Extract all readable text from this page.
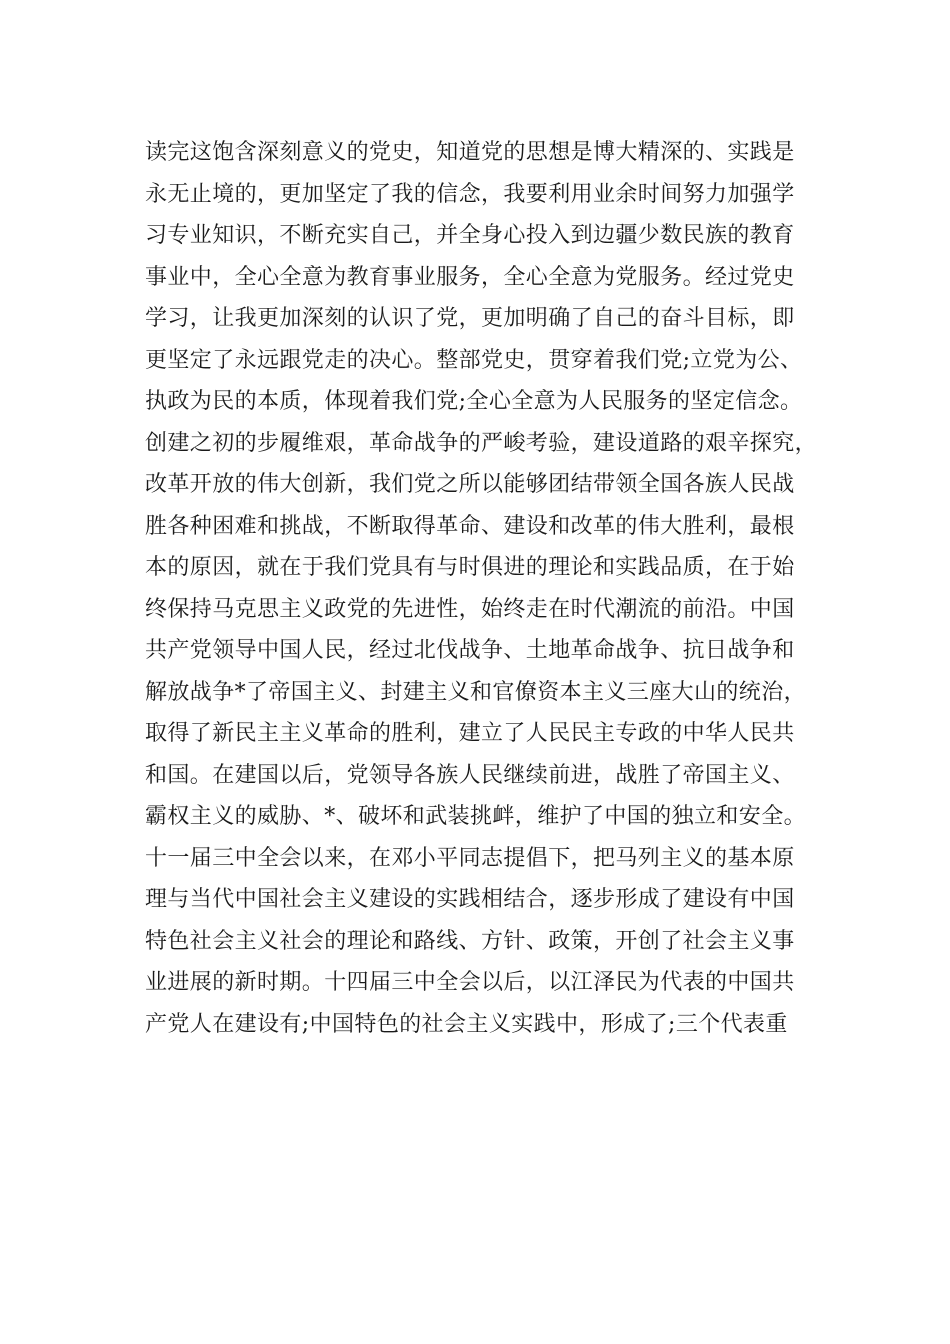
读完这饱含深刻意义的党史，知道党的思想是博大精深的、实践是
永无止境的，更加坚定了我的信念，我要利用业余时间努力加强学
习专业知识，不断充实自己，并全身心投入到边疆少数民族的教育
事业中，全心全意为教育事业服务，全心全意为党服务。经过党史
学习，让我更加深刻的认识了党，更加明确了自己的奋斗目标，即
更坚定了永远跟党走的决心。整部党史，贯穿着我们党;立党为公、
执政为民的本质，体现着我们党;全心全意为人民服务的坚定信念。
创建之初的步履维艰，革命战争的严峻考验，建设道路的艰辛探究，
改革开放的伟大创新，我们党之所以能够团结带领全国各族人民战
胜各种困难和挑战，不断取得革命、建设和改革的伟大胜利，最根
本的原因，就在于我们党具有与时俱进的理论和实践品质，在于始
终保持马克思主义政党的先进性，始终走在时代潮流的前沿。中国
共产党领导中国人民，经过北伐战争、土地革命战争、抗日战争和
解放战争*了帝国主义、封建主义和官僚资本主义三座大山的统治，
取得了新民主主义革命的胜利，建立了人民民主专政的中华人民共
和国。在建国以后，党领导各族人民继续前进，战胜了帝国主义、
霸权主义的威胁、*、破坏和武装挑衅，维护了中国的独立和安全。
十一届三中全会以来，在邓小平同志提倡下，把马列主义的基本原
理与当代中国社会主义建设的实践相结合，逐步形成了建设有中国
特色社会主义社会的理论和路线、方针、政策，开创了社会主义事
业进展的新时期。十四届三中全会以后，以江泽民为代表的中国共
产党人在建设有;中国特色的社会主义实践中，形成了;三个代表重
